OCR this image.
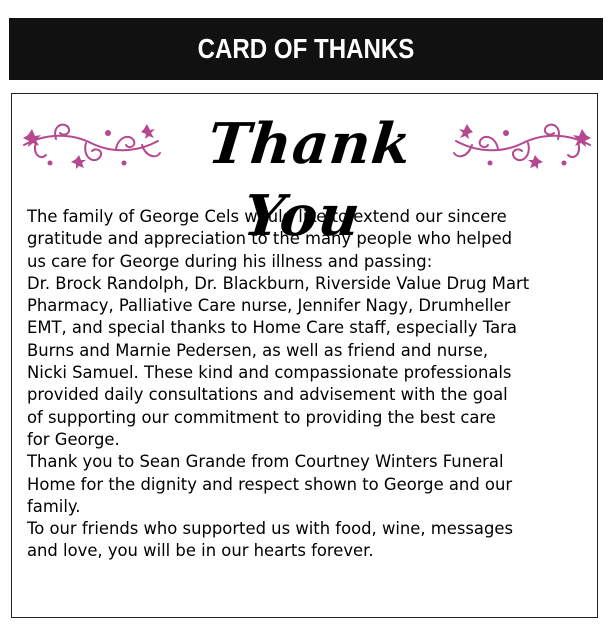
CARD OF THANKS
Thank You

The family of George Cels would like to extend our sincere
gratitude and appreciation to the many people who helped
us care for George during his illness and passing:
Dr. Brock Randolph, Dr. Blackburn, Riverside Value Drug Mart
Pharmacy, Palliative Care nurse, Jennifer Nagy, Drumheller
EMT, and special thanks to Home Care staff, especially Tara
Burns and Marnie Pedersen, as well as friend and nurse,
Nicki Samuel. These kind and compassionate professionals
provided daily consultations and advisement with the goal
of supporting our commitment to providing the best care
for George.

Thank you to Sean Grande from Courtney Winters Funeral
Home for the dignity and respect shown to George and our
family.

To our friends who supported us with food, wine, messages
and love, you will be in our hearts forever.
